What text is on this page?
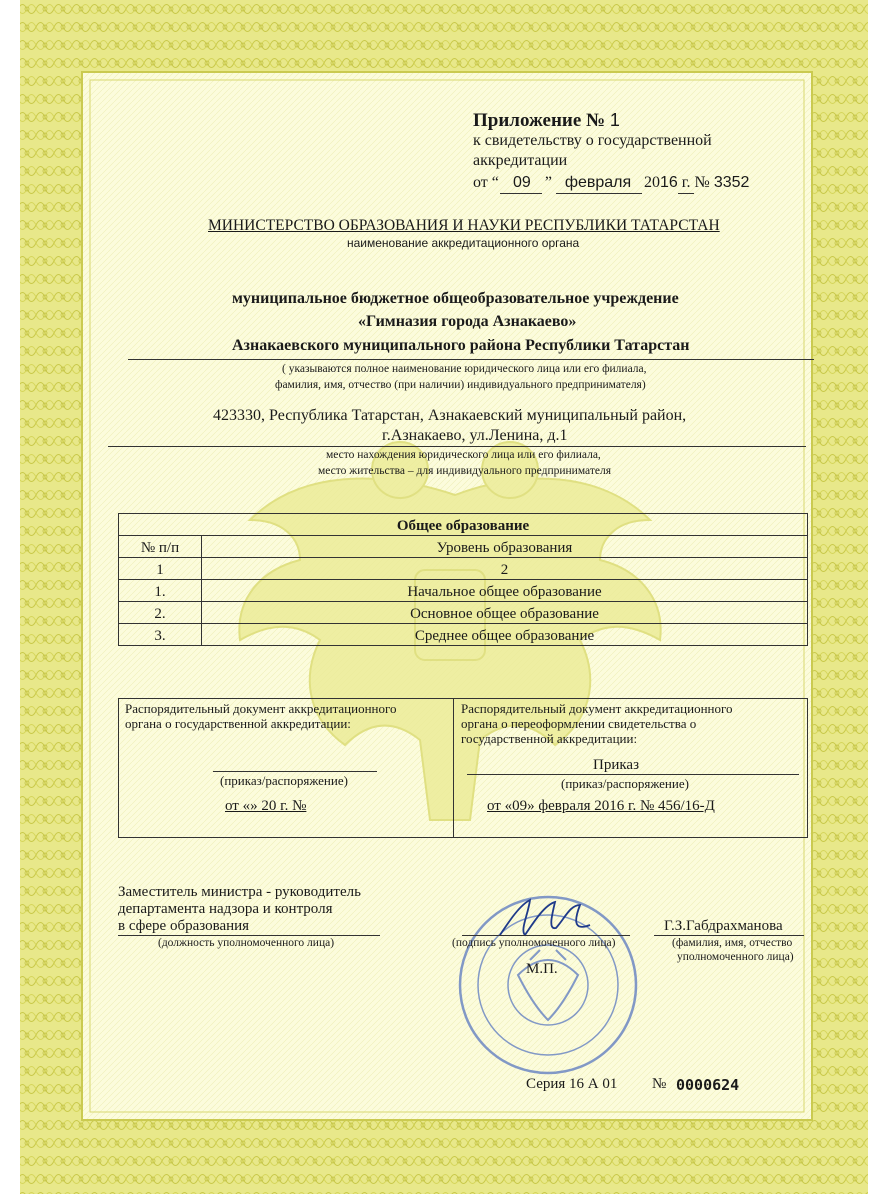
Приложение № 1
к свидетельству о государственной
аккредитации
от “ 09 ” февраля 2016 г. № 3352
МИНИСТЕРСТВО ОБРАЗОВАНИЯ И НАУКИ РЕСПУБЛИКИ ТАТАРСТАН
наименование аккредитационного органа
муниципальное бюджетное общеобразовательное учреждение
«Гимназия города Азнакаево»
Азнакаевского муниципального района Республики Татарстан
( указываются полное наименование юридического лица или его филиала,
фамилия, имя, отчество (при наличии) индивидуального предпринимателя)
423330, Республика Татарстан, Азнакаевский муниципальный район,
г.Азнакаево, ул.Ленина, д.1
место нахождения юридического лица или его филиала,
место жительства – для индивидуального предпринимателя
Общее образование	
№ п/п	Уровень образования
1	2
1.	Начальное общее образование
2.	Основное общее образование
3.	Среднее общее образование
Распорядительный документ аккредитационного
органа о государственной аккредитации:
(приказ/распоряжение)
от «» 20 г. №
Распорядительный документ аккредитационного
органа о переоформлении свидетельства о
государственной аккредитации:
Приказ
(приказ/распоряжение)
от «09» февраля 2016 г. № 456/16-Д
Заместитель министра - руководитель
департамента надзора и контроля
в сфере образования
(должность уполномоченного лица)	(подпись уполномоченного лица)
Г.З.Габдрахманова
(фамилия, имя, отчество
уполномоченного лица)
М.П.
Серия 16 А 01 № 0000624
